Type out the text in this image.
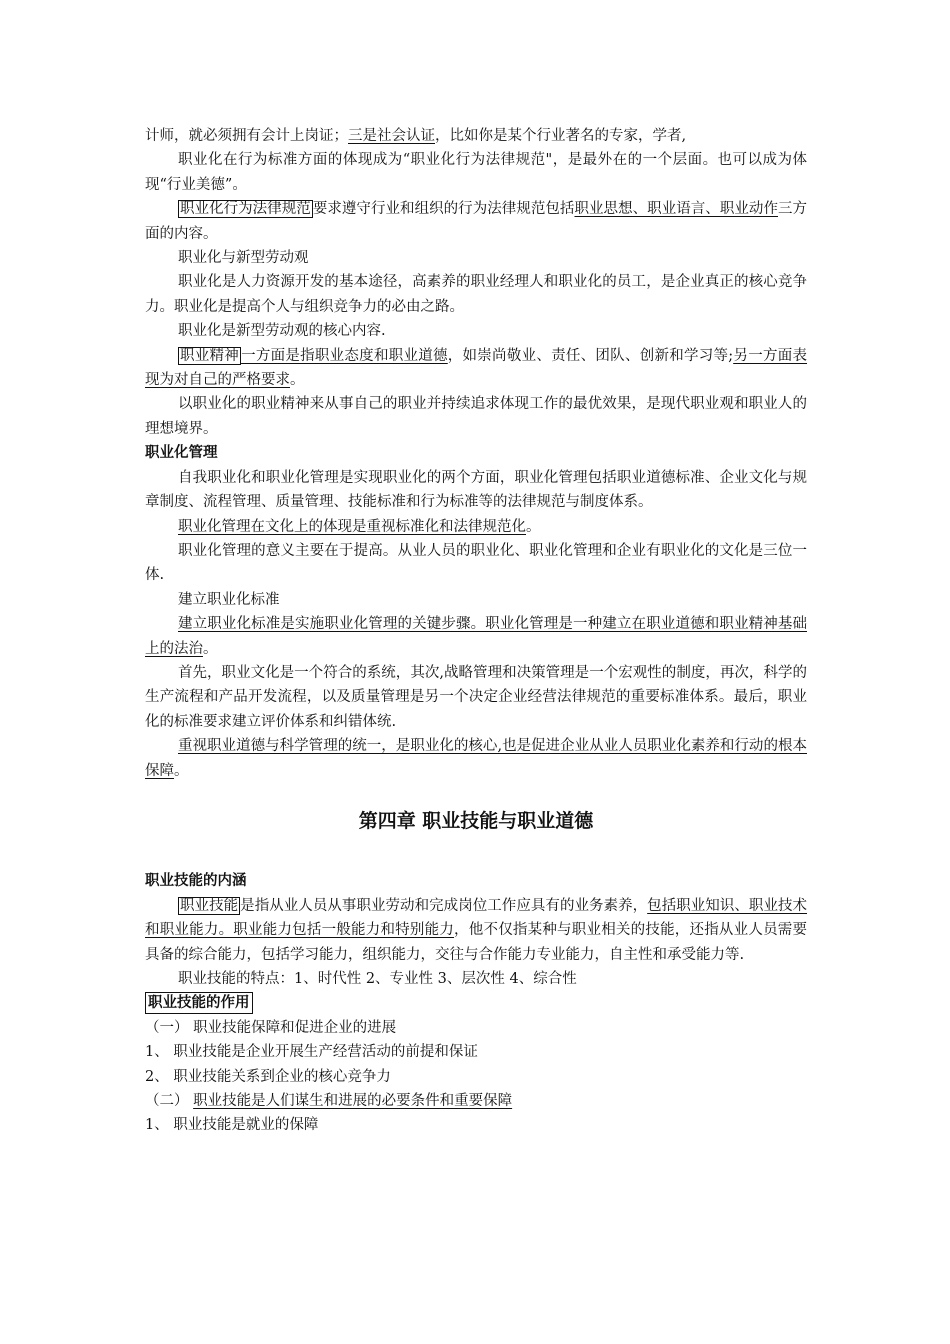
计师，就必须拥有会计上岗证；三是社会认证，比如你是某个行业著名的专家，学者,

职业化在行为标准方面的体现成为“职业化行为法律规范"，是最外在的一个层面。也可以成为体现“行业美德”。

职业化行为法律规范 要求遵守行业和组织的行为法律规范包括职业思想、职业语言、职业动作三方面的内容。

职业化与新型劳动观

职业化是人力资源开发的基本途径，高素养的职业经理人和职业化的员工，是企业真正的核心竞争力。职业化是提高个人与组织竞争力的必由之路。

职业化是新型劳动观的核心内容.

职业精神 一方面是指职业态度和职业道德，如崇尚敬业、责任、团队、创新和学习等;另一方面表现为对自己的严格要求。

以职业化的职业精神来从事自己的职业并持续追求体现工作的最优效果，是现代职业观和职业人的理想境界。

职业化管理

自我职业化和职业化管理是实现职业化的两个方面，职业化管理包括职业道德标准、企业文化与规章制度、流程管理、质量管理、技能标准和行为标准等的法律规范与制度体系。

职业化管理在文化上的体现是重视标准化和法律规范化。

职业化管理的意义主要在于提高。从业人员的职业化、职业化管理和企业有职业化的文化是三位一体.

建立职业化标准

建立职业化标准是实施职业化管理的关键步骤。职业化管理是一种建立在职业道德和职业精神基础上的法治。

首先，职业文化是一个符合的系统，其次,战略管理和决策管理是一个宏观性的制度，再次，科学的生产流程和产品开发流程，以及质量管理是另一个决定企业经营法律规范的重要标准体系。最后，职业化的标准要求建立评价体系和纠错体统.

重视职业道德与科学管理的统一，是职业化的核心,也是促进企业从业人员职业化素养和行动的根本保障。

第四章 职业技能与职业道德

职业技能的内涵

职业技能 是指从业人员从事职业劳动和完成岗位工作应具有的业务素养，包括职业知识、职业技术和职业能力。职业能力包括一般能力和特别能力，他不仅指某种与职业相关的技能，还指从业人员需要具备的综合能力，包括学习能力，组织能力，交往与合作能力专业能力，自主性和承受能力等.

职业技能的特点：1、时代性 2、专业性 3、层次性 4、综合性

职业技能的作用

（一） 职业技能保障和促进企业的进展

1、 职业技能是企业开展生产经营活动的前提和保证

2、 职业技能关系到企业的核心竞争力

（二） 职业技能是人们谋生和进展的必要条件和重要保障

1、 职业技能是就业的保障
